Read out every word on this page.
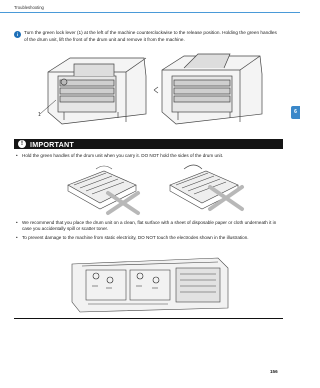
Troubleshooting
6
i	Turn the green lock lever (1) at the left of the machine counterclockwise to the release position. Holding the green handles of the drum unit, lift the front of the drum unit and remove it from the machine.
1
! IMPORTANT
• Hold the green handles of the drum unit when you carry it. DO NOT hold the sides of the drum unit.
• We recommend that you place the drum unit on a clean, flat surface with a sheet of disposable paper or cloth underneath it in case you accidentally spill or scatter toner.
• To prevent damage to the machine from static electricity, DO NOT touch the electrodes shown in the illustration.
156
